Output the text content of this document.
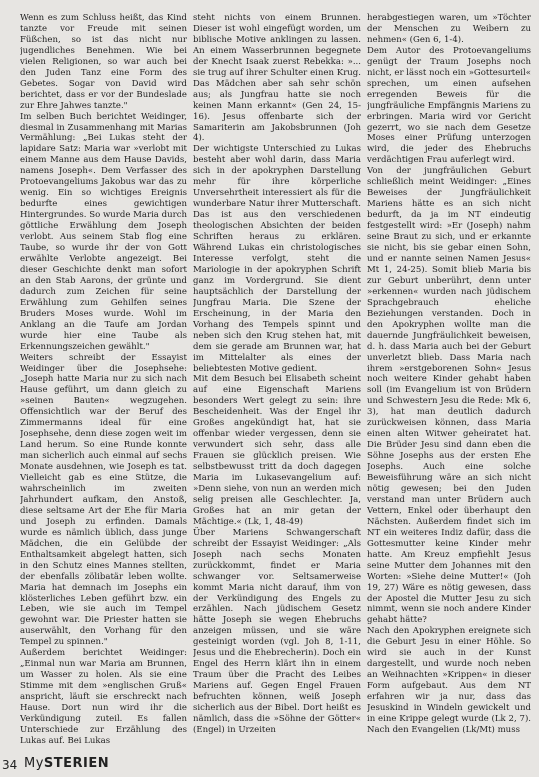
Wenn es zum Schluss heißt, das Kind tanzte vor Freude mit seinen Füßchen, so ist das nicht nur jugendliches Benehmen. Wie bei vielen Religionen, so war auch bei den Juden Tanz eine Form des Gebetes. Sogar von David wird berichtet, dass er vor der Bundeslade zur Ehre Jahwes tanzte."

Im selben Buch berichtet Weidinger, diesmal in Zusammenhang mit Marias Vermählung: „Bei Lukas steht der lapidare Satz: Maria war »verlobt mit einem Manne aus dem Hause Davids, namens Joseph«. Dem Verfasser des Protoevangeliums Jakobus war das zu wenig. Ein so wichtiges Ereignis bedurfte eines gewichtigen Hintergrundes. So wurde Maria durch göttliche Erwählung dem Joseph verlobt. Aus seinem Stab flog eine Taube, so wurde ihr der von Gott erwählte Verlobte angezeigt. Bei dieser Geschichte denkt man sofort an den Stab Aarons, der grünte und dadurch zum Zeichen für seine Erwählung zum Gehilfen seines Bruders Moses wurde. Wohl im Anklang an die Taufe am Jordan wurde hier eine Taube als Erkennungszeichen gewählt."

Weiters schreibt der Essayist Weidinger über die Josephsehe: „Joseph hatte Maria nur zu sich nach Hause geführt, um dann gleich zu »seinen Bauten« wegzugehen. Offensichtlich war der Beruf des Zimmermanns ideal für eine Josephsehe, denn diese zogen weit im Land herum. So eine Runde konnte man sicherlich auch einmal auf sechs Monate ausdehnen, wie Joseph es tat. Vielleicht gab es eine Stütze, die wahrscheinlich im zweiten Jahrhundert aufkam, den Anstoß, diese seltsame Art der Ehe für Maria und Joseph zu erfinden. Damals wurde es nämlich üblich, dass junge Mädchen, die ein Gelübde der Enthaltsamkeit abgelegt hatten, sich in den Schutz eines Mannes stellten, der ebenfalls zölibatär leben wollte. Maria hat demnach im Josephs ein klösterliches Leben geführt bzw. ein Leben, wie sie auch im Tempel gewohnt war. Die Priester hatten sie auserwählt, den Vorhang für den Tempel zu spinnen."

Außerdem berichtet Weidinger: „Einmal nun war Maria am Brunnen, um Wasser zu holen. Als sie eine Stimme mit dem »englischen Gruß« anspricht, läuft sie erschreckt nach Hause. Dort nun wird ihr die Verkündigung zuteil. Es fallen Unterschiede zur Erzählung des Lukas auf. Bei Lukas

steht nichts von einem Brunnen. Dieser ist wohl eingefügt worden, um biblische Motive anklingen zu lassen. An einem Wasserbrunnen begegnete der Knecht Isaak zuerst Rebekka: »... sie trug auf ihrer Schulter einen Krug. Das Mädchen aber sah sehr schön aus; als Jungfrau hatte sie noch keinen Mann erkannt« (Gen 24, 15-16). Jesus offenbarte sich der Samariterin am Jakobsbrunnen (Joh 4).

Der wichtigste Unterschied zu Lukas besteht aber wohl darin, dass Maria sich in der apokryphen Darstellung mehr für ihre körperliche Unversehrtheit interessiert als für die wunderbare Natur ihrer Mutterschaft. Das ist aus den verschiedenen theologischen Absichten der beiden Schriften heraus zu erklären. Während Lukas ein christologisches Interesse verfolgt, steht die Mariologie in der apokryphen Schrift ganz im Vordergrund. Sie dient hauptsächlich der Darstellung der Jungfrau Maria. Die Szene der Erscheinung, in der Maria den Vorhang des Tempels spinnt und neben sich den Krug stehen hat, mit dem sie gerade am Brunnen war, hat im Mittelalter als eines der beliebtesten Motive gedient.

Mit dem Besuch bei Elisabeth scheint auf eine Eigenschaft Mariens besonders Wert gelegt zu sein: ihre Bescheidenheit. Was der Engel ihr Großes angekündigt hat, hat sie offenbar wieder vergessen, denn sie verwundert sich sehr, dass alle Frauen sie glücklich preisen. Wie selbstbewusst tritt da doch dagegen Maria im Lukasevangelium auf: »Denn siehe, von nun an werden mich selig preisen alle Geschlechter. Ja, Großes hat an mir getan der Mächtige.« (Lk, 1, 48-49)

Über Mariens Schwangerschaft schreibt der Essayist Weidinger: „Als Joseph nach sechs Monaten zurückkommt, findet er Maria schwanger vor. Seltsamerweise kommt Maria nicht darauf, ihm von der Verkündigung des Engels zu erzählen. Nach jüdischem Gesetz hätte Joseph sie wegen Ehebruchs anzeigen müssen, und sie wäre gesteinigt worden (vgl. Joh 8, 1-11, Jesus und die Ehebrecherin). Doch ein Engel des Herrn klärt ihn in einem Traum über die Pracht des Leibes Mariens auf. Gegen Engel Frauen befruchten können, weiß Joseph sicherlich aus der Bibel. Dort heißt es nämlich, dass die »Söhne der Götter« (Engel) in Urzeiten

herabgestiegen waren, um »Töchter der Menschen zu Weibern zu nehmen« (Gen 6, 1-4).

Dem Autor des Protoevangeliums genügt der Traum Josephs noch nicht, er lässt noch ein »Gottesurteil« sprechen, um einen aufsehen erregenden Beweis für die jungfräuliche Empfängnis Mariens zu erbringen. Maria wird vor Gericht gezerrt, wo sie nach dem Gesetze Moses einer Prüfung unterzogen wird, die jeder des Ehebruchs verdächtigen Frau auferlegt wird.

Von der jungfräulichen Geburt schließlich meint Weidinger: „Eines Beweises der Jungfräulichkeit Mariens hätte es an sich nicht bedurft, da ja im NT eindeutig festgestellt wird: »Er (Joseph) nahm seine Braut zu sich, und er erkannte sie nicht, bis sie gebar einen Sohn, und er nannte seinen Namen Jesus« Mt 1, 24-25). Somit blieb Maria bis zur Geburt unberührt, denn unter »erkennen« wurden nach jüdischem Sprachgebrauch eheliche Beziehungen verstanden. Doch in den Apokryphen wollte man die dauernde Jungfräulichkeit beweisen, d. h. dass Maria auch bei der Geburt unverletzt blieb. Dass Maria nach ihrem »erstgeborenen Sohn« Jesus noch weitere Kinder gehabt haben soll (im Evangelium ist von Brüdern und Schwestern Jesu die Rede: Mk 6, 3), hat man deutlich dadurch zurückweisen können, dass Maria einen alten Witwer geheiratet hat. Die Brüder Jesu sind dann eben die Söhne Josephs aus der ersten Ehe Josephs. Auch eine solche Beweisführung wäre an sich nicht nötig gewesen; bei den Juden verstand man unter Brüdern auch Vettern, Enkel oder überhaupt den Nächsten. Außerdem findet sich im NT ein weiteres Indiz dafür, dass die Gottesmutter keine Kinder mehr hatte. Am Kreuz empfiehlt Jesus seine Mutter dem Johannes mit den Worten: »Siehe deine Mutter!« (Joh 19, 27) Wäre es nötig gewesen, dass der Apostel die Mutter Jesu zu sich nimmt, wenn sie noch andere Kinder gehabt hätte?

Nach den Apokryphen ereignete sich die Geburt Jesu in einer Höhle. So wird sie auch in der Kunst dargestellt, und wurde noch neben an Weihnachten »Krippen« in dieser Form aufgebaut. Aus dem NT erfahren wir ja nur, dass das Jesuskind in Windeln gewickelt und in eine Krippe gelegt wurde (Lk 2, 7). Nach den Evangelien (Lk/Mt) muss

34 MySTERIEN
